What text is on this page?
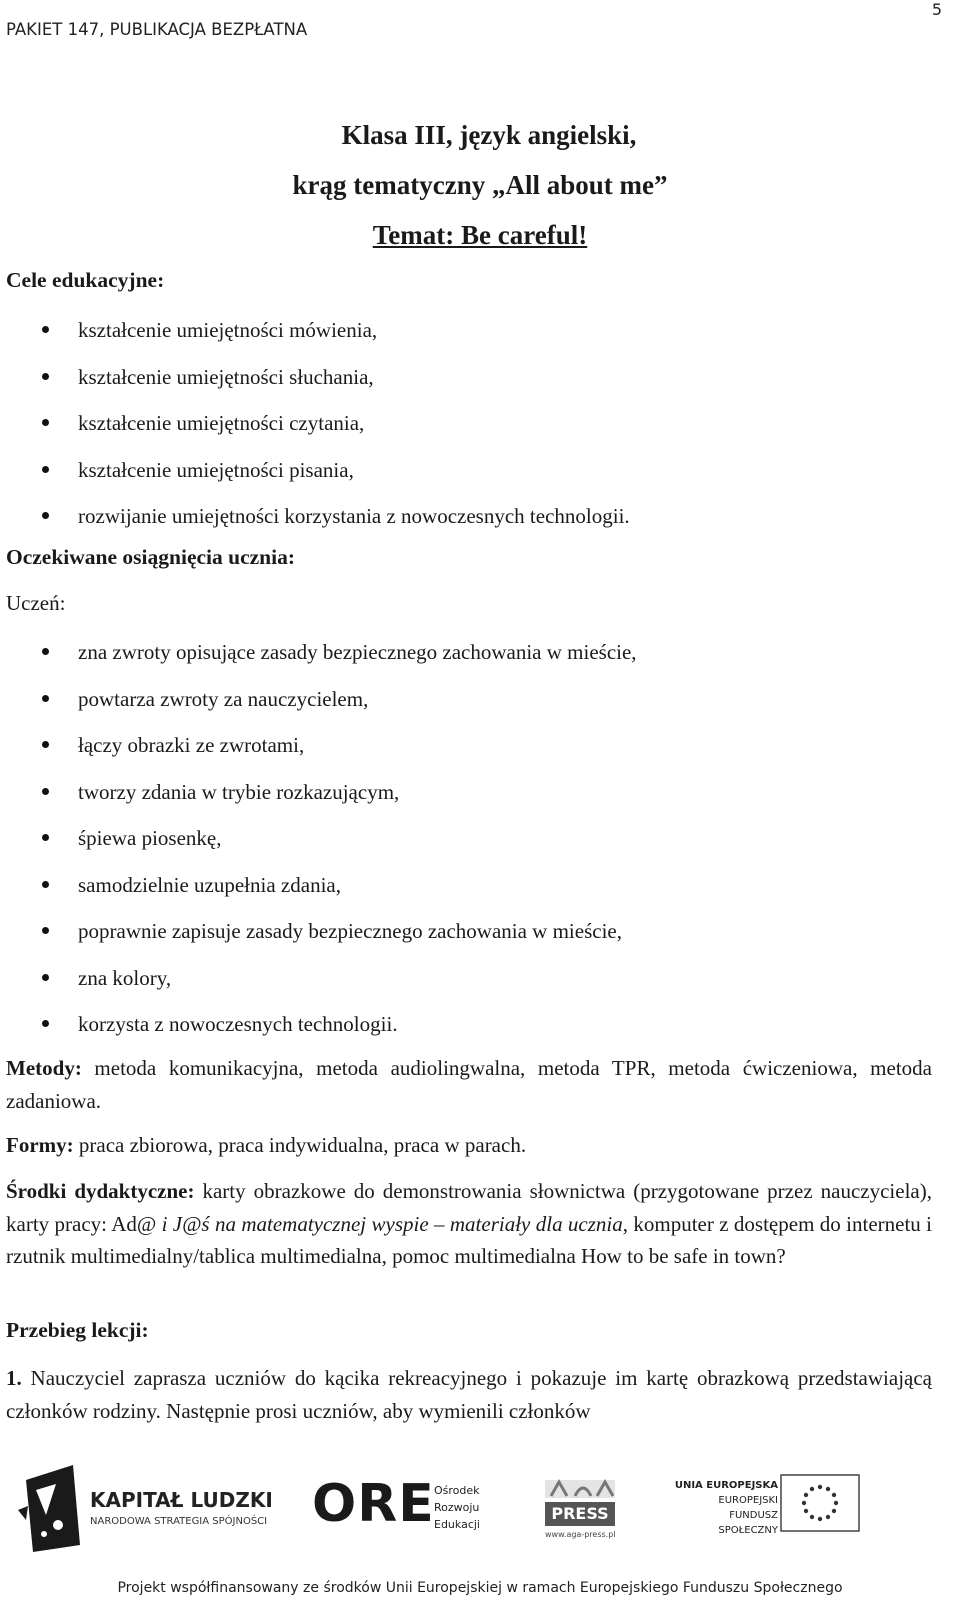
PAKIET 147, PUBLIKACJA BEZPŁATNA
5
Klasa III, język angielski,
krąg tematyczny „All about me”
Temat: Be careful!
Cele edukacyjne:
kształcenie umiejętności mówienia,
kształcenie umiejętności słuchania,
kształcenie umiejętności czytania,
kształcenie umiejętności pisania,
rozwijanie umiejętności korzystania z nowoczesnych technologii.
Oczekiwane osiągnięcia ucznia:
Uczeń:
zna zwroty opisujące zasady bezpiecznego zachowania w mieście,
powtarza zwroty za nauczycielem,
łączy obrazki ze zwrotami,
tworzy zdania w trybie rozkazującym,
śpiewa piosenkę,
samodzielnie uzupełnia zdania,
poprawnie zapisuje zasady bezpiecznego zachowania w mieście,
zna kolory,
korzysta z nowoczesnych technologii.
Metody: metoda komunikacyjna, metoda audiolingwalna, metoda TPR, metoda ćwiczeniowa, metoda zadaniowa.
Formy: praca zbiorowa, praca indywidualna, praca w parach.
Środki dydaktyczne: karty obrazkowe do demonstrowania słownictwa (przygotowane przez nauczyciela), karty pracy: Ad@ i J@ś na matematycznej wyspie – materiały dla ucznia, komputer z dostępem do internetu i rzutnik multimedialny/tablica multimedialna, pomoc multimedialna How to be safe in town?
Przebieg lekcji:
1. Nauczyciel zaprasza uczniów do kącika rekreacyjnego i pokazuje im kartę obrazkową przedstawiającą członków rodziny. Następnie prosi uczniów, aby wymienili członków
KAPITAŁ LUDZKI
NARODOWA STRATEGIA SPÓJNOŚCI ORE Ośrodek
Rozwoju
Edukacji
PRESS
www.aga-press.pl
UNIA EUROPEJSKA
EUROPEJSKI
FUNDUSZ SPOŁECZNY
Projekt współfinansowany ze środków Unii Europejskiej w ramach Europejskiego Funduszu Społecznego
